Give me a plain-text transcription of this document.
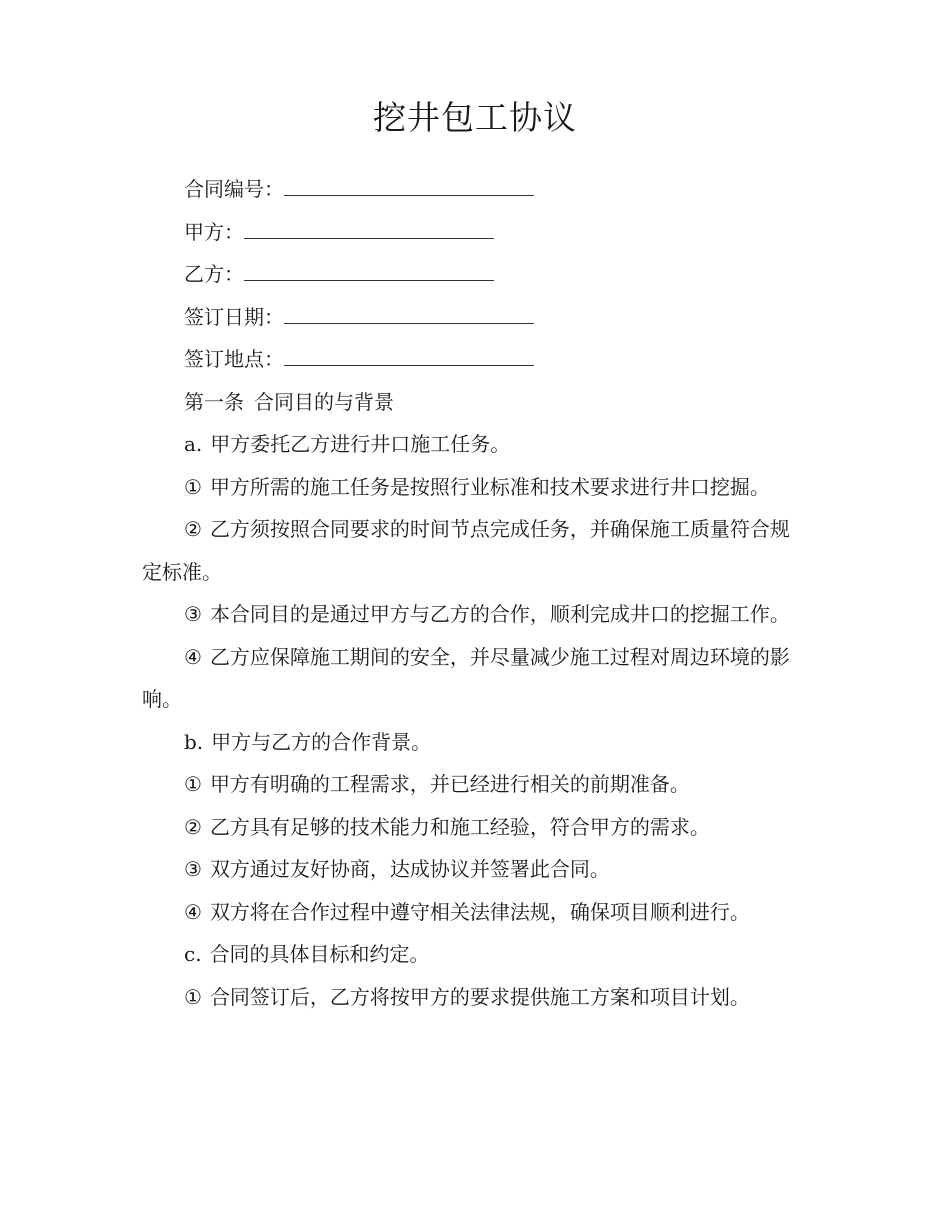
挖井包工协议

合同编号：

甲方：

乙方：

签订日期：

签订地点：

第一条 合同目的与背景

a. 甲方委托乙方进行井口施工任务。

① 甲方所需的施工任务是按照行业标准和技术要求进行井口挖掘。

② 乙方须按照合同要求的时间节点完成任务，并确保施工质量符合规定标准。

③ 本合同目的是通过甲方与乙方的合作，顺利完成井口的挖掘工作。

④ 乙方应保障施工期间的安全，并尽量减少施工过程对周边环境的影响。

b. 甲方与乙方的合作背景。

① 甲方有明确的工程需求，并已经进行相关的前期准备。

② 乙方具有足够的技术能力和施工经验，符合甲方的需求。

③ 双方通过友好协商，达成协议并签署此合同。

④ 双方将在合作过程中遵守相关法律法规，确保项目顺利进行。

c. 合同的具体目标和约定。

① 合同签订后，乙方将按甲方的要求提供施工方案和项目计划。
